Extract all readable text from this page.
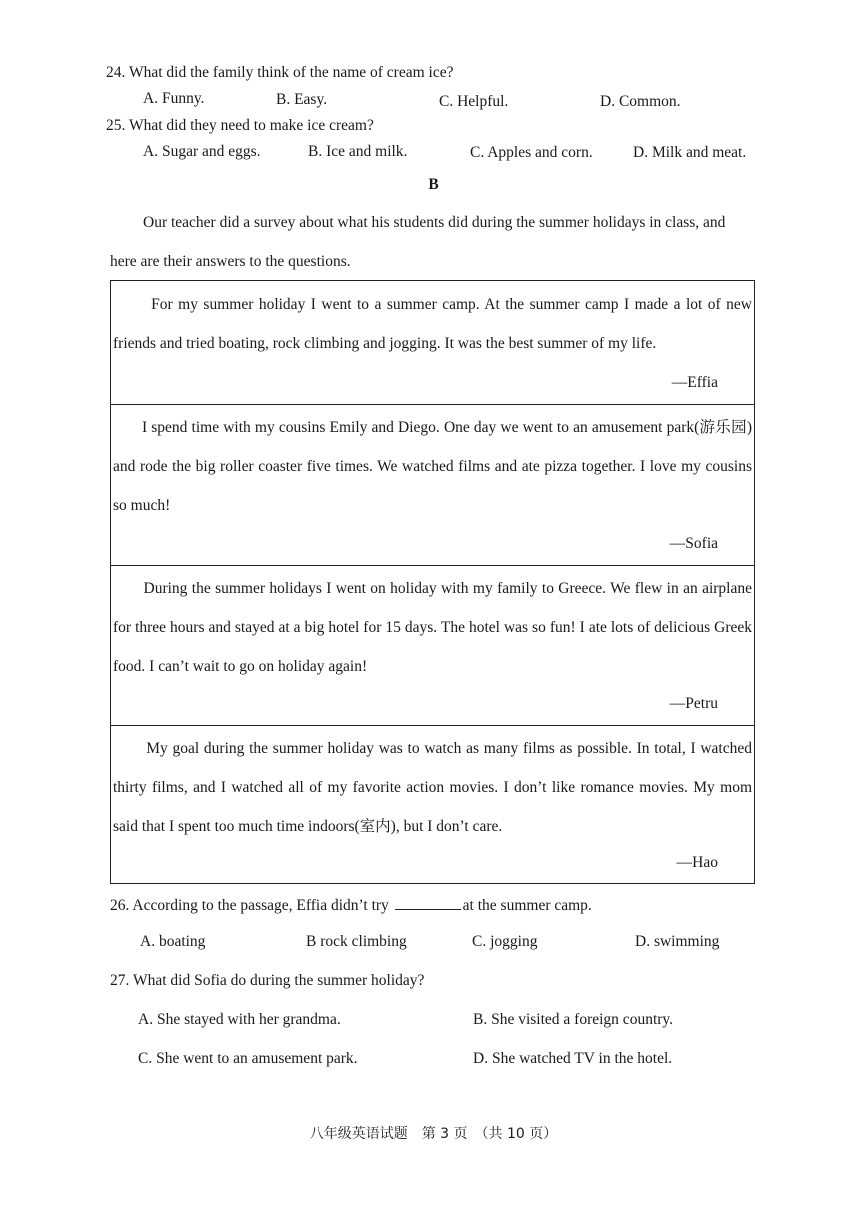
24. What did the family think of the name of cream ice?
A. Funny.	B. Easy.	C. Helpful.	D. Common.
25. What did they need to make ice cream?
A. Sugar and eggs.	B. Ice and milk.	C. Apples and corn.	D. Milk and meat.
B
Our teacher did a survey about what his students did during the summer holidays in class, and
here are their answers to the questions.
For my summer holiday I went to a summer camp. At the summer camp I made a lot of new friends and tried boating, rock climbing and jogging. It was the best summer of my life.
—Effia
I spend time with my cousins Emily and Diego. One day we went to an amusement park(游乐园) and rode the big roller coaster five times. We watched films and ate pizza together. I love my cousins so much!
—Sofia
During the summer holidays I went on holiday with my family to Greece. We flew in an airplane for three hours and stayed at a big hotel for 15 days. The hotel was so fun! I ate lots of delicious Greek food. I can’t wait to go on holiday again!
—Petru
My goal during the summer holiday was to watch as many films as possible. In total, I watched thirty films, and I watched all of my favorite action movies. I don’t like romance movies. My mom said that I spent too much time indoors(室内), but I don’t care.
—Hao
26. According to the passage, Effia didn’t try	at the summer camp.
A. boating	B rock climbing	C. jogging	D. swimming
27. What did Sofia do during the summer holiday?
A. She stayed with her grandma.	B. She visited a foreign country.
C. She went to an amusement park.	D. She watched TV in the hotel.
八年级英语试题　第 3 页　（共 10 页）
